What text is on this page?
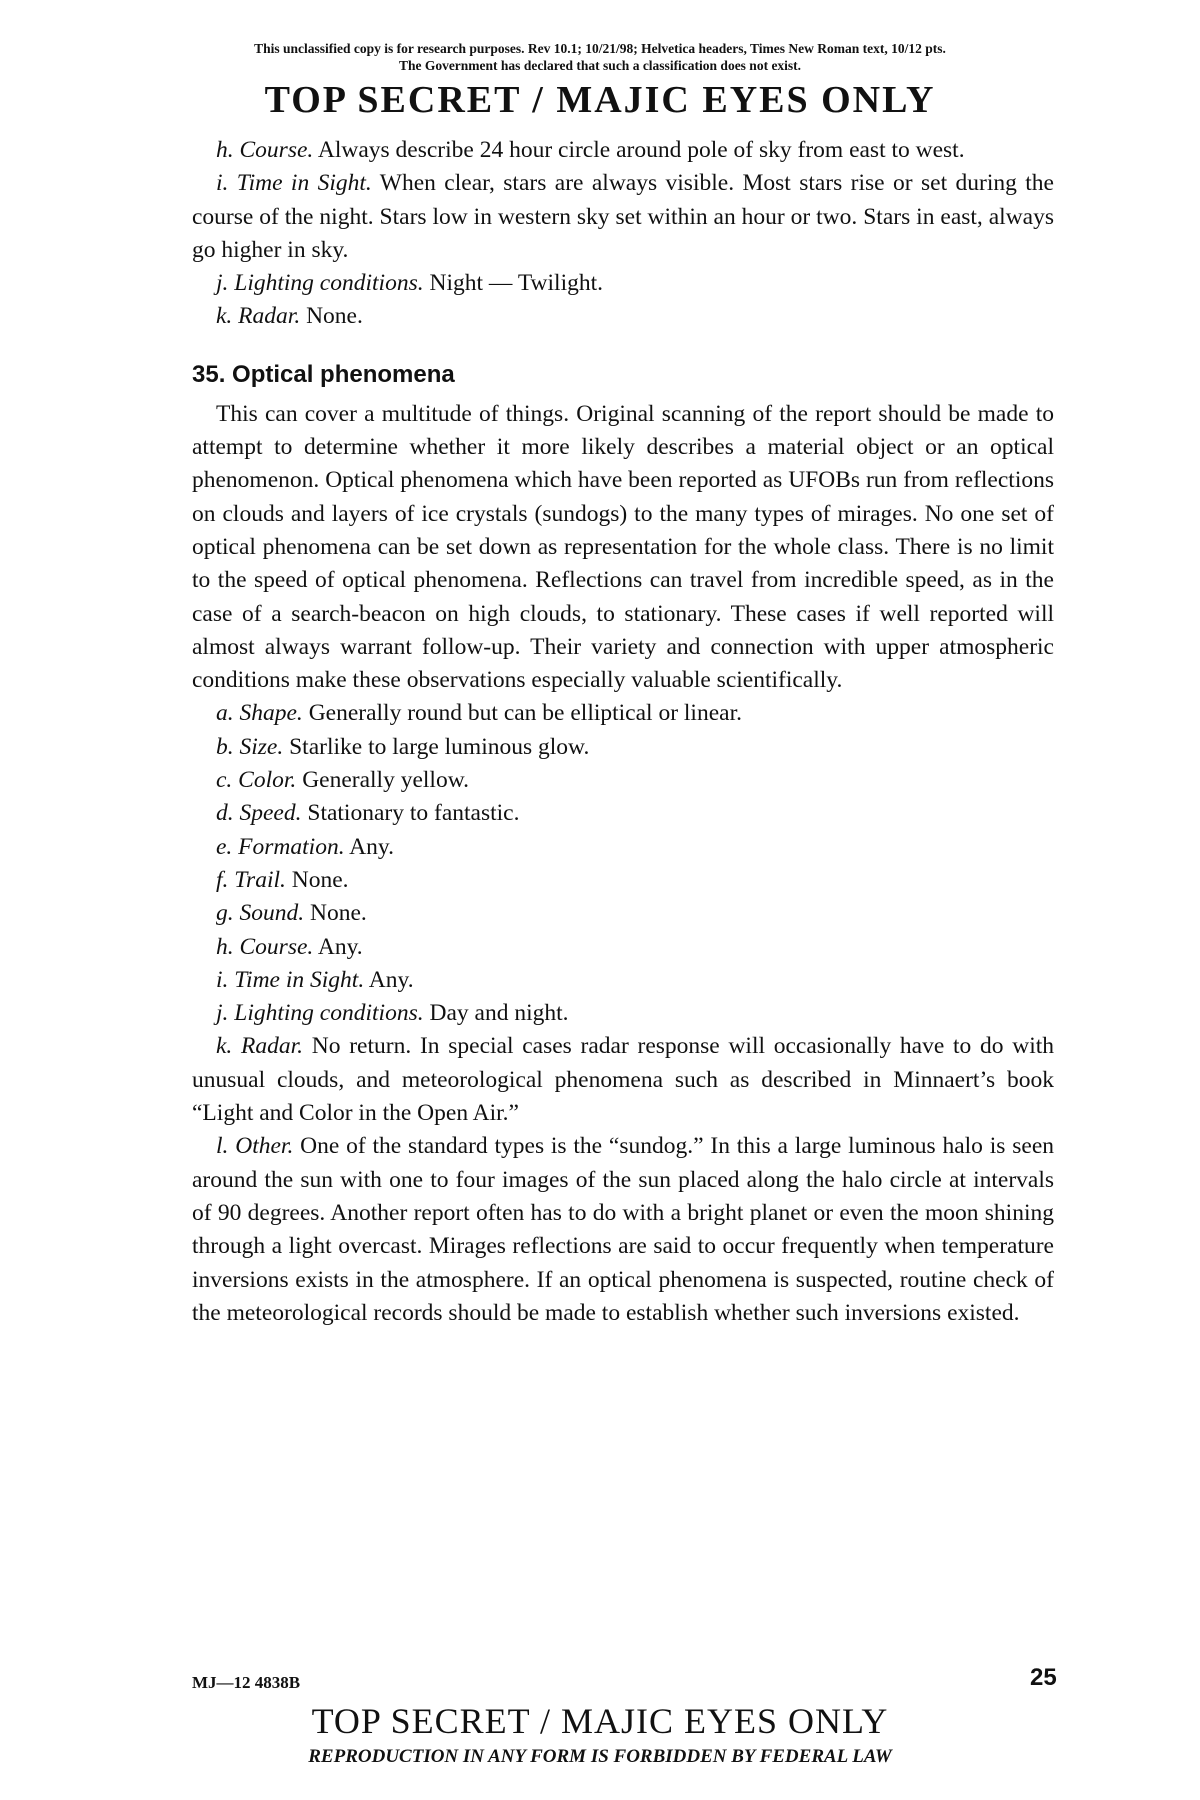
This unclassified copy is for research purposes. Rev 10.1; 10/21/98; Helvetica headers, Times New Roman text, 10/12 pts.
The Government has declared that such a classification does not exist.
TOP SECRET / MAJIC EYES ONLY

h. Course. Always describe 24 hour circle around pole of sky from east to west.

i. Time in Sight. When clear, stars are always visible. Most stars rise or set during the course of the night. Stars low in western sky set within an hour or two. Stars in east, always go higher in sky.

j. Lighting conditions. Night — Twilight.

k. Radar. None.

35. Optical phenomena

This can cover a multitude of things. Original scanning of the report should be made to attempt to determine whether it more likely describes a material object or an optical phenomenon. Optical phenomena which have been reported as UFOBs run from reflections on clouds and layers of ice crystals (sundogs) to the many types of mirages. No one set of optical phenomena can be set down as representation for the whole class. There is no limit to the speed of optical phenomena. Reflections can travel from incredible speed, as in the case of a search-beacon on high clouds, to stationary. These cases if well reported will almost always warrant follow-up. Their variety and connection with upper atmospheric conditions make these observations especially valuable scientifically.

a. Shape. Generally round but can be elliptical or linear.

b. Size. Starlike to large luminous glow.

c. Color. Generally yellow.

d. Speed. Stationary to fantastic.

e. Formation. Any.

f. Trail. None.

g. Sound. None.

h. Course. Any.

i. Time in Sight. Any.

j. Lighting conditions. Day and night.

k. Radar. No return. In special cases radar response will occasionally have to do with unusual clouds, and meteorological phenomena such as described in Minnaert’s book “Light and Color in the Open Air.”

l. Other. One of the standard types is the “sundog.” In this a large luminous halo is seen around the sun with one to four images of the sun placed along the halo circle at intervals of 90 degrees. Another report often has to do with a bright planet or even the moon shining through a light overcast. Mirages reflections are said to occur frequently when temperature inversions exists in the atmosphere. If an optical phenomena is suspected, routine check of the meteorological records should be made to establish whether such inversions existed.

MJ—12 4838B	25
TOP SECRET / MAJIC EYES ONLY
REPRODUCTION IN ANY FORM IS FORBIDDEN BY FEDERAL LAW
